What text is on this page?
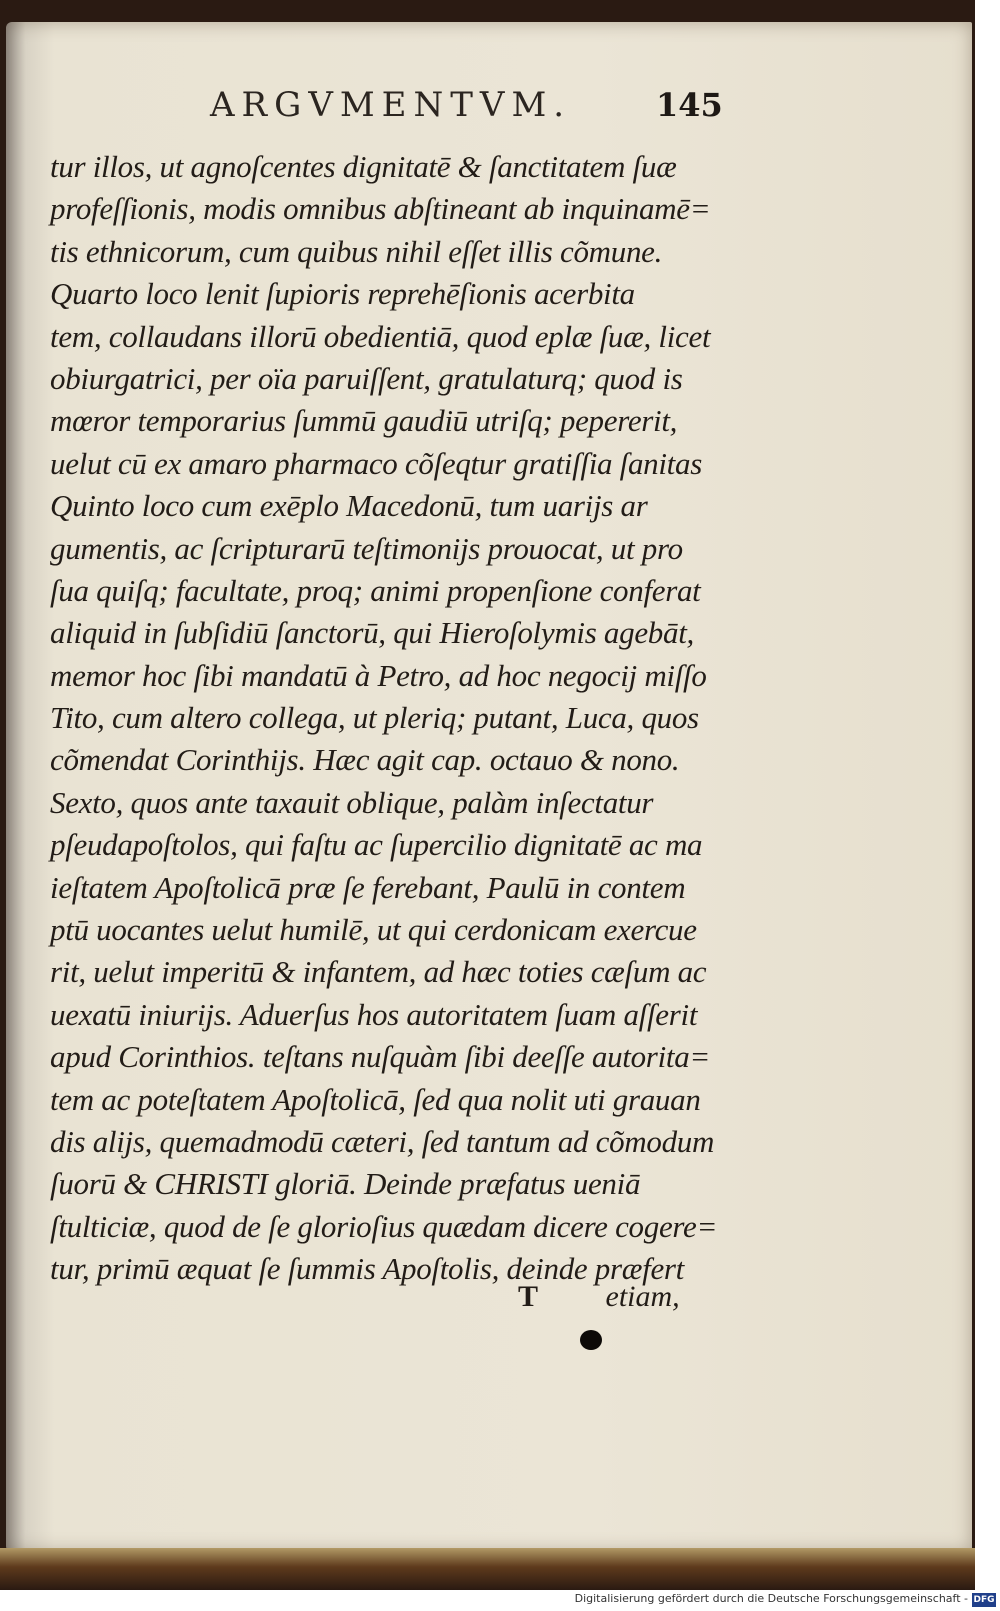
ARGVMENTVM.	145
tur illos, ut agnoſcentes dignitatē & ſanctitatem ſuæ
profeſſionis, modis omnibus abſtineant ab inquinamē=
tis ethnicorum, cum quibus nihil eſſet illis cõmune.
Quarto loco lenit ſupioris reprehēſionis acerbita
tem, collaudans illorū obedientiā, quod eplæ ſuæ, licet
obiurgatrici, per oïa paruiſſent, gratulaturq; quod is
mœror temporarius ſummū gaudiū utriſq; pepererit,
uelut cū ex amaro pharmaco cõſeqtur gratiſſia ſanitas
Quinto loco cum exēplo Macedonū, tum uarijs ar
gumentis, ac ſcripturarū teſtimonijs prouocat, ut pro
ſua quiſq; facultate, proq; animi propenſione conferat
aliquid in ſubſidiū ſanctorū, qui Hieroſolymis agebāt,
memor hoc ſibi mandatū à Petro, ad hoc negocij miſſo
Tito, cum altero collega, ut pleriq; putant, Luca, quos
cõmendat Corinthijs. Hæc agit cap. octauo & nono.
Sexto, quos ante taxauit oblique, palàm inſectatur
pſeudapoſtolos, qui faſtu ac ſupercilio dignitatē ac ma
ieſtatem Apoſtolicā præ ſe ferebant, Paulū in contem
ptū uocantes uelut humilē, ut qui cerdonicam exercue
rit, uelut imperitū & infantem, ad hæc toties cæſum ac
uexatū iniurijs. Aduerſus hos autoritatem ſuam aſſerit
apud Corinthios. teſtans nuſquàm ſibi deeſſe autorita=
tem ac poteſtatem Apoſtolicā, ſed qua nolit uti grauan
dis alijs, quemadmodū cæteri, ſed tantum ad cõmodum
ſuorū & CHRISTI gloriā. Deinde præfatus ueniā
ſtulticiæ, quod de ſe glorioſius quædam dicere cogere=
tur, primū æquat ſe ſummis Apoſtolis, deinde præfert
T etiam,
Digitalisierung gefördert durch die Deutsche Forschungsgemeinschaft - DFG
